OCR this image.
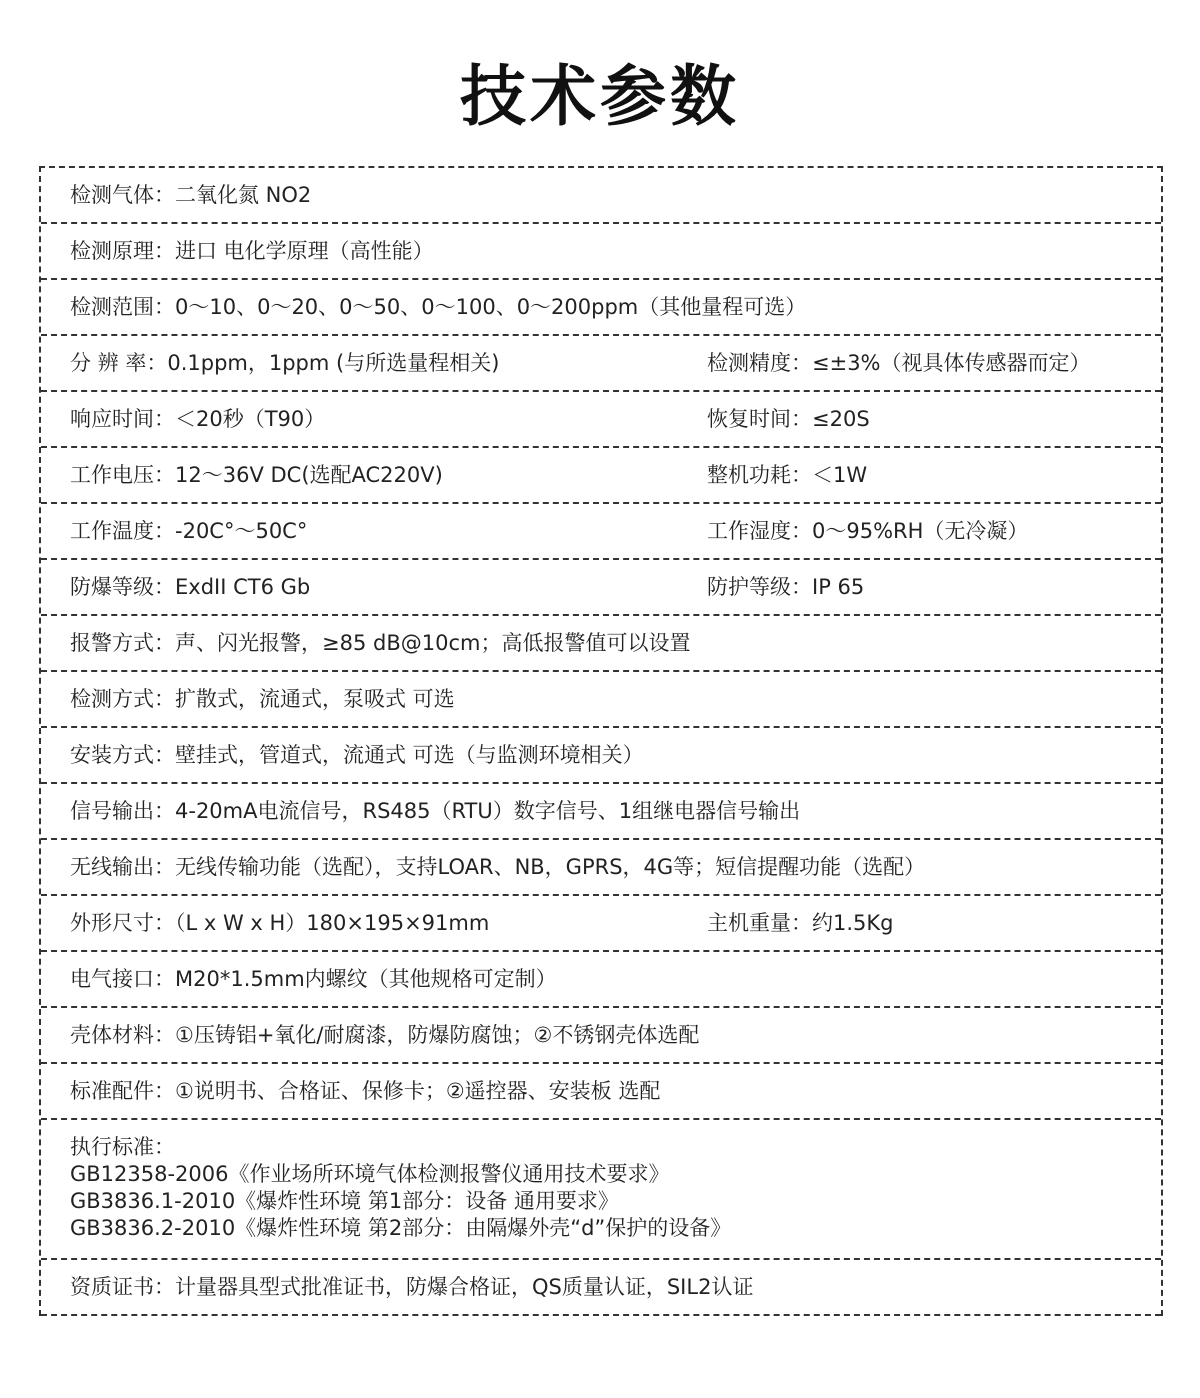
技术参数
检测气体：二氧化氮 NO2
检测原理：进口 电化学原理（高性能）
检测范围：0～10、0～20、0～50、0～100、0～200ppm（其他量程可选）
分 辨 率：0.1ppm，1ppm (与所选量程相关)	检测精度：≤±3%（视具体传感器而定）
响应时间：＜20秒（T90）	恢复时间：≤20S
工作电压：12～36V DC(选配AC220V)	整机功耗：＜1W
工作温度：-20C°～50C°	工作湿度：0～95%RH（无冷凝）
防爆等级：ExdII CT6 Gb	防护等级：IP 65
报警方式：声、闪光报警，≥85 dB@10cm；高低报警值可以设置
检测方式：扩散式，流通式，泵吸式 可选
安装方式：壁挂式，管道式，流通式 可选（与监测环境相关）
信号输出：4-20mA电流信号，RS485（RTU）数字信号、1组继电器信号输出
无线输出：无线传输功能（选配），支持LOAR、NB，GPRS，4G等；短信提醒功能（选配）
外形尺寸：（L x W x H）180×195×91mm	主机重量：约1.5Kg
电气接口：M20*1.5mm内螺纹（其他规格可定制）
壳体材料：①压铸铝+氧化/耐腐漆，防爆防腐蚀；②不锈钢壳体选配
标准配件：①说明书、合格证、保修卡；②遥控器、安装板 选配
执行标准：
GB12358-2006《作业场所环境气体检测报警仪通用技术要求》
GB3836.1-2010《爆炸性环境 第1部分：设备 通用要求》
GB3836.2-2010《爆炸性环境 第2部分：由隔爆外壳“d”保护的设备》
资质证书：计量器具型式批准证书，防爆合格证，QS质量认证，SIL2认证
